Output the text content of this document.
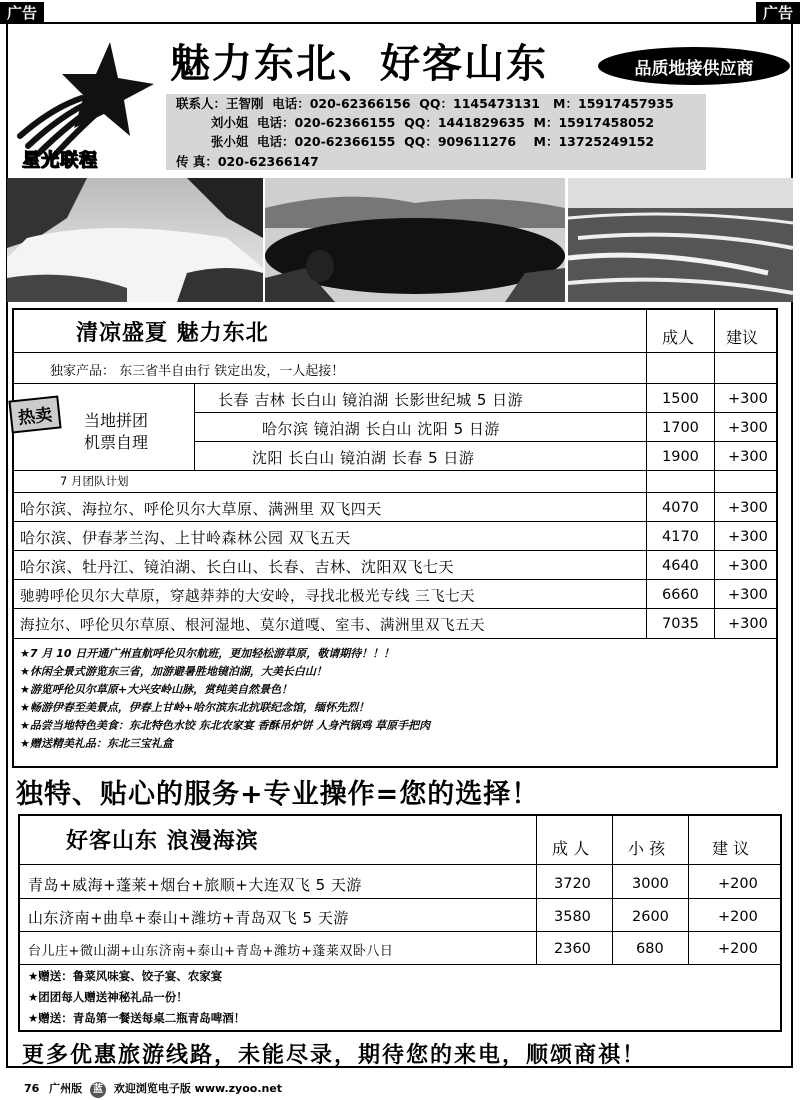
广告	广告
星光联程
魅力东北、好客山东	品质地接供应商
联系人：王智刚  电话：020-62366156  QQ：1145473131   M：15917457935
刘小姐  电话：020-62366155  QQ：1441829635  M：15917458052
张小姐  电话：020-62366155  QQ：909611276    M：13725249152
传 真：020-62366147
清凉盛夏 魅力东北	成人 建议
独家产品： 东三省半自由行 铁定出发，一人起接！
热卖	当地拼团
机票自理
长春 吉林 长白山 镜泊湖 长影世纪城 5 日游	1500 +300
哈尔滨 镜泊湖 长白山 沈阳 5 日游	1700 +300
沈阳 长白山 镜泊湖 长春 5 日游	1900 +300
7 月团队计划
哈尔滨、海拉尔、呼伦贝尔大草原、满洲里 双飞四天	4070 +300
哈尔滨、伊春茅兰沟、上甘岭森林公园 双飞五天	4170 +300
哈尔滨、牡丹江、镜泊湖、长白山、长春、吉林、沈阳双飞七天	4640 +300
驰骋呼伦贝尔大草原，穿越莽莽的大安岭，寻找北极光专线 三飞七天	6660 +300
海拉尔、呼伦贝尔草原、根河湿地、莫尔道嘎、室韦、满洲里双飞五天	7035 +300
★7 月 10 日开通广州直航呼伦贝尔航班，更加轻松游草原，敬请期待！！！
★休闲全景式游览东三省，加游避暑胜地镜泊湖，大美长白山！
★游览呼伦贝尔草原+大兴安岭山脉，赏纯美自然景色！
★畅游伊春至美景点，伊春上甘岭+哈尔滨东北抗联纪念馆，缅怀先烈！
★品尝当地特色美食：东北特色水饺 东北农家宴 香酥吊炉饼 人身汽锅鸡 草原手把肉
★赠送精美礼品：东北三宝礼盒
独特、贴心的服务+专业操作=您的选择！
好客山东 浪漫海滨	成 人 小 孩	建 议
青岛+威海+蓬莱+烟台+旅顺+大连双飞 5 天游	3720	3000	+200
山东济南+曲阜+泰山+潍坊+青岛双飞 5 天游	3580	2600	+200
台儿庄+微山湖+山东济南+泰山+青岛+潍坊+蓬莱双卧八日	2360	680	+200
★赠送：鲁菜风味宴、饺子宴、农家宴
★团团每人赠送神秘礼品一份！
★赠送：青岛第一餐送每桌二瓶青岛啤酒！
更多优惠旅游线路，未能尽录，期待您的来电，顺颂商祺！
76 广州版 蓝 欢迎浏览电子版 www.zyoo.net
